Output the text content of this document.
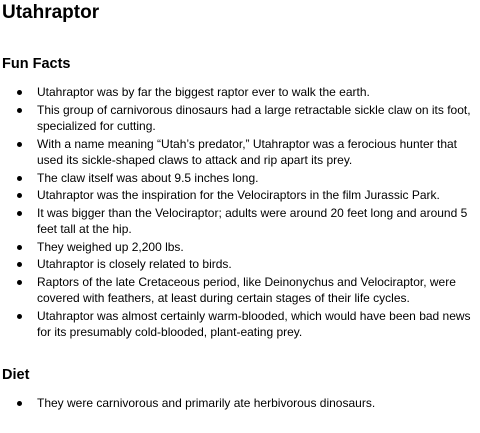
Utahraptor
Fun Facts
Utahraptor was by far the biggest raptor ever to walk the earth.
This group of carnivorous dinosaurs had a large retractable sickle claw on its foot, specialized for cutting.
With a name meaning “Utah’s predator,” Utahraptor was a ferocious hunter that used its sickle-shaped claws to attack and rip apart its prey.
The claw itself was about 9.5 inches long.
Utahraptor was the inspiration for the Velociraptors in the film Jurassic Park.
It was bigger than the Velociraptor; adults were around 20 feet long and around 5 feet tall at the hip.
They weighed up 2,200 lbs.
Utahraptor is closely related to birds.
Raptors of the late Cretaceous period, like Deinonychus and Velociraptor, were covered with feathers, at least during certain stages of their life cycles.
Utahraptor was almost certainly warm-blooded, which would have been bad news for its presumably cold-blooded, plant-eating prey.
Diet
They were carnivorous and primarily ate herbivorous dinosaurs.
